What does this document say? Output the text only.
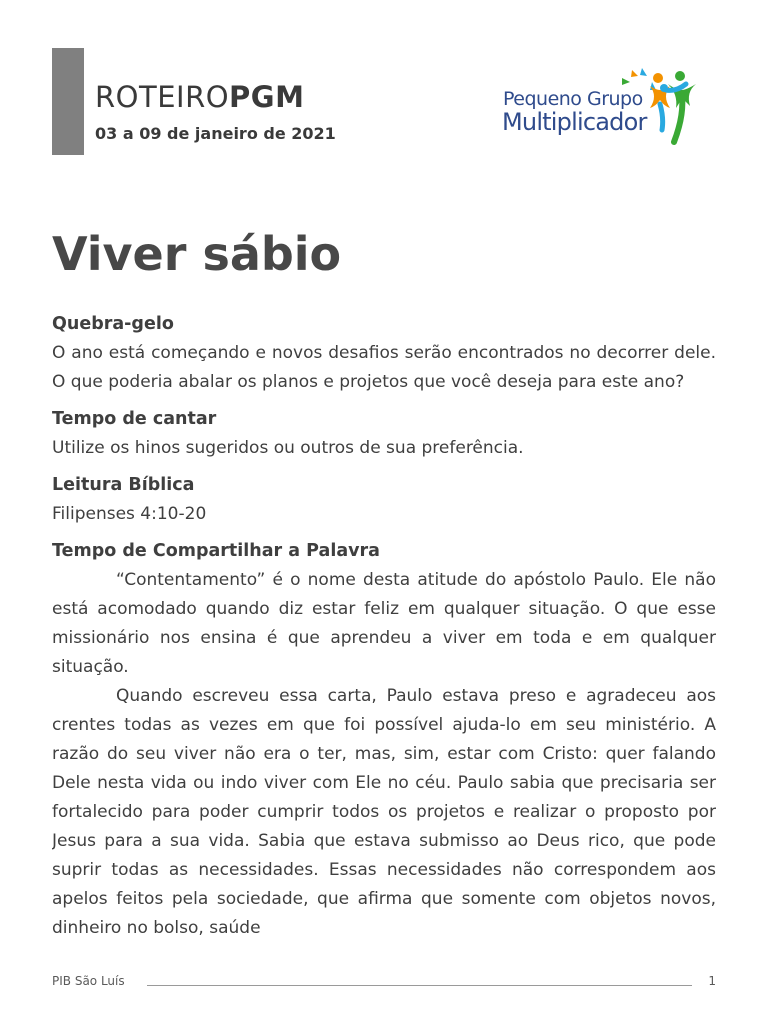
ROTEIROPGM
03 a 09 de janeiro de 2021
Pequeno Grupo
Multiplicador
Viver sábio

Quebra-gelo

O ano está começando e novos desafios serão encontrados no decorrer dele. O que poderia abalar os planos e projetos que você deseja para este ano?

Tempo de cantar

Utilize os hinos sugeridos ou outros de sua preferência.

Leitura Bíblica

Filipenses 4:10-20

Tempo de Compartilhar a Palavra

“Contentamento” é o nome desta atitude do apóstolo Paulo. Ele não está acomodado quando diz estar feliz em qualquer situação. O que esse missionário nos ensina é que aprendeu a viver em toda e em qualquer situação.

Quando escreveu essa carta, Paulo estava preso e agradeceu aos crentes todas as vezes em que foi possível ajuda-lo em seu ministério. A razão do seu viver não era o ter, mas, sim, estar com Cristo: quer falando Dele nesta vida ou indo viver com Ele no céu. Paulo sabia que precisaria ser fortalecido para poder cumprir todos os projetos e realizar o proposto por Jesus para a sua vida. Sabia que estava submisso ao Deus rico, que pode suprir todas as necessidades. Essas necessidades não correspondem aos apelos feitos pela sociedade, que afirma que somente com objetos novos, dinheiro no bolso, saúde

PIB São Luís	1
